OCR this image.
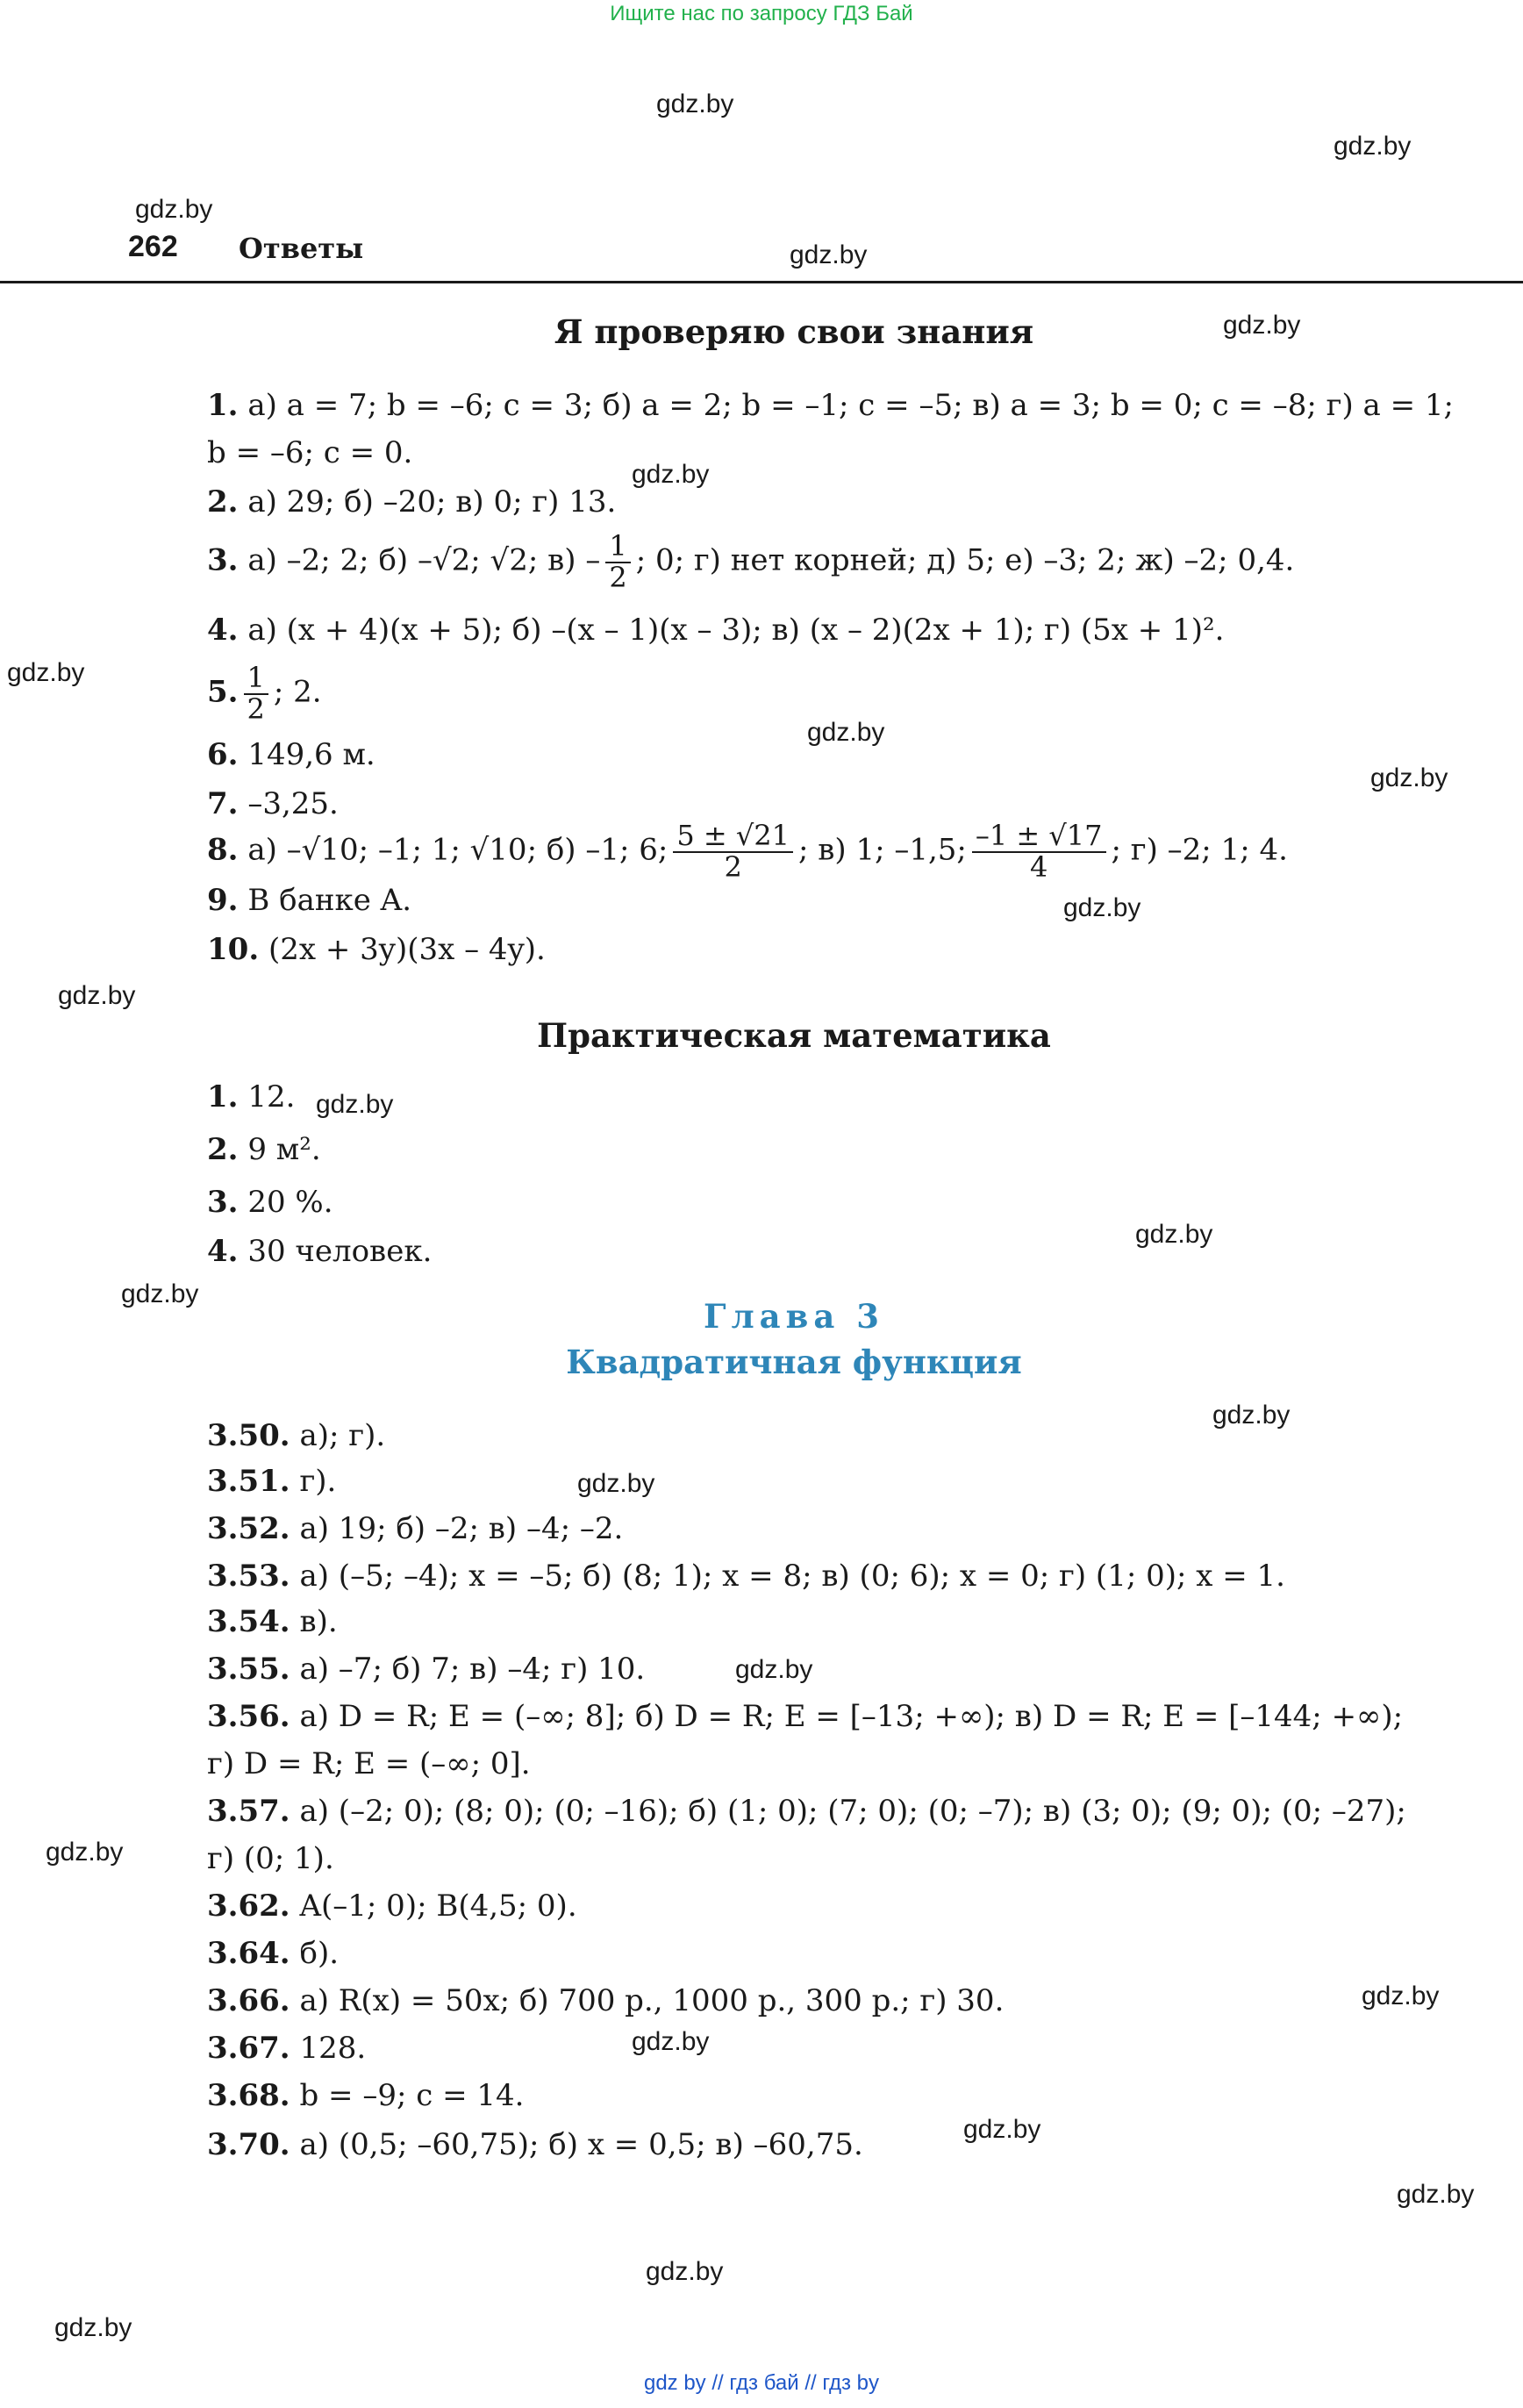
Ищите нас по запросу ГДЗ Бай
gdz.by
gdz.by
gdz.by
gdz.by
gdz.by
gdz.by
gdz.by
gdz.by
gdz.by
gdz.by
gdz.by
gdz.by
gdz.by
gdz.by
gdz.by
gdz.by
gdz.by
gdz.by
gdz.by
gdz.by
gdz.by
gdz.by
gdz.by
gdz.by
262 Ответы
Я проверяю свои знания
1. а) a = 7; b = –6; c = 3; б) a = 2; b = –1; c = –5; в) a = 3; b = 0; c = –8; г) a = 1;
b = –6; c = 0.
2. а) 29; б) –20; в) 0; г) 13.
3. а) –2; 2; б) –√2; √2; $в) - \frac{1}{2}$ ; 0; г) нет корней; д) 5; е) –3; 2; ж) –2; 0,4.
4. а) (x + 4)(x + 5); б) –(x – 1)(x – 3); в) (x – 2)(2x + 1); г) (5x + 1)².
5. $\frac{1}{2}$ ; 2.
6. 149,6 м.
7. –3,25.
8. а) –√10; –1; 1; √10; б) –1; 6; $\frac{5 \pm √21}{2}$ ; в) 1; –1,5; $\frac{-1 \pm √17}{4}$ ; г) –2; 1; 4.
9. В банке A.
10. (2x + 3y)(3x – 4y).
Практическая математика
1. 12.
2. 9 м².
3. 20 %.
4. 30 человек.
Глава 3
Квадратичная функция
3.50. а); г).
3.51. г).
3.52. а) 19; б) –2; в) –4; –2.
3.53. а) (–5; –4); x = –5; б) (8; 1); x = 8; в) (0; 6); x = 0; г) (1; 0); x = 1.
3.54. в).
3.55. а) –7; б) 7; в) –4; г) 10.
3.56. а) D = R; E = (–∞; 8]; б) D = R; E = [–13; +∞); в) D = R; E = [–144; +∞);
г) D = R; E = (–∞; 0].
3.57. а) (–2; 0); (8; 0); (0; –16); б) (1; 0); (7; 0); (0; –7); в) (3; 0); (9; 0); (0; –27);
г) (0; 1).
3.62. A(–1; 0); B(4,5; 0).
3.64. б).
3.66. а) R(x) = 50x; б) 700 р., 1000 р., 300 р.; г) 30.
3.67. 128.
3.68. b = –9; c = 14.
3.70. а) (0,5; –60,75); б) x = 0,5; в) –60,75.
gdz by // гдз бай // гдз by
